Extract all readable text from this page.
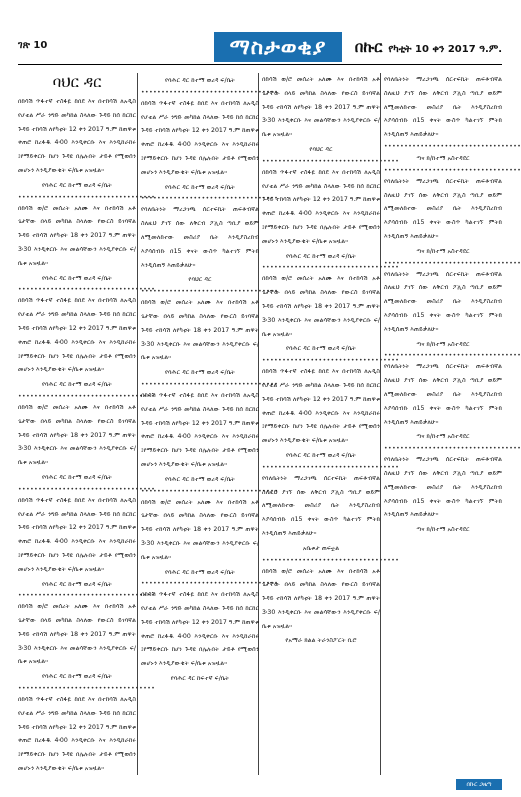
ገጽ 10	ማስታወቂያ	በኩር የካቲት 10 ቀን 2017 ዓ.ም.
ባህር ዳር

በከሳሽ ጥፋተኛ ተስፋዬ ከበደ እና በተከሳሽ ለአዲስ የሆቴል ሥራ ንግድ መካከል ስላለው ጉዳይ ከሰ ከርከር ጉዳይ ተከሳሽ ለየካቲት 12 ቀን 2017 ዓ.ም ከጠዋቱ ቀጠሮ ከረፋዱ 4፡00 እንዲቀርቡ እና እንዲከራከሩ ፤የማይቀርቡ ከሆነ ጉዳዩ በሌሉበት ታይቶ የሚወሰን መሆኑን እንዲያውቁት ፍ/ቤቱ አዝዟል፡፡

የባሕር ዳር ከተማ ወረዳ ፍ/ቤት

••••••••••••••••••••••••••••••••••

በከሳሽ ወ/ሮ መሰረት አለሙ እና በተከሳሽ አቶ ጌታቸው በላይ መካከል ስላለው የውርስ ይገባኛል ጉዳይ ተከሳሽ ለየካቲት 18 ቀን 2017 ዓ.ም ጠዋት 3፡30 እንዲቀርቡ እና መልሳቸውን እንዲያቀርቡ ፍ/ቤቱ አዝዟል፡፡

የባሕር ዳር ከተማ ወረዳ ፍ/ቤት

••••••••••••••••••••••••••••••••••

በከሳሽ ጥፋተኛ ተስፋዬ ከበደ እና በተከሳሽ ለአዲስ የሆቴል ሥራ ንግድ መካከል ስላለው ጉዳይ ከሰ ከርከር ጉዳይ ተከሳሽ ለየካቲት 12 ቀን 2017 ዓ.ም ከጠዋቱ ቀጠሮ ከረፋዱ 4፡00 እንዲቀርቡ እና እንዲከራከሩ ፤የማይቀርቡ ከሆነ ጉዳዩ በሌሉበት ታይቶ የሚወሰን መሆኑን እንዲያውቁት ፍ/ቤቱ አዝዟል፡፡

የባሕር ዳር ከተማ ወረዳ ፍ/ቤት

••••••••••••••••••••••••••••••••••

በከሳሽ ወ/ሮ መሰረት አለሙ እና በተከሳሽ አቶ ጌታቸው በላይ መካከል ስላለው የውርስ ይገባኛል ጉዳይ ተከሳሽ ለየካቲት 18 ቀን 2017 ዓ.ም ጠዋት 3፡30 እንዲቀርቡ እና መልሳቸውን እንዲያቀርቡ ፍ/ቤቱ አዝዟል፡፡

የባሕር ዳር ከተማ ወረዳ ፍ/ቤት

••••••••••••••••••••••••••••••••••

በከሳሽ ጥፋተኛ ተስፋዬ ከበደ እና በተከሳሽ ለአዲስ የሆቴል ሥራ ንግድ መካከል ስላለው ጉዳይ ከሰ ከርከር ጉዳይ ተከሳሽ ለየካቲት 12 ቀን 2017 ዓ.ም ከጠዋቱ ቀጠሮ ከረፋዱ 4፡00 እንዲቀርቡ እና እንዲከራከሩ ፤የማይቀርቡ ከሆነ ጉዳዩ በሌሉበት ታይቶ የሚወሰን መሆኑን እንዲያውቁት ፍ/ቤቱ አዝዟል፡፡

የባሕር ዳር ከተማ ወረዳ ፍ/ቤት

••••••••••••••••••••••••••••••••••

በከሳሽ ወ/ሮ መሰረት አለሙ እና በተከሳሽ አቶ ጌታቸው በላይ መካከል ስላለው የውርስ ይገባኛል ጉዳይ ተከሳሽ ለየካቲት 18 ቀን 2017 ዓ.ም ጠዋት 3፡30 እንዲቀርቡ እና መልሳቸውን እንዲያቀርቡ ፍ/ቤቱ አዝዟል፡፡

የባሕር ዳር ከተማ ወረዳ ፍ/ቤት

••••••••••••••••••••••••••••••••••

በከሳሽ ጥፋተኛ ተስፋዬ ከበደ እና በተከሳሽ ለአዲስ የሆቴል ሥራ ንግድ መካከል ስላለው ጉዳይ ከሰ ከርከር ጉዳይ ተከሳሽ ለየካቲት 12 ቀን 2017 ዓ.ም ከጠዋቱ ቀጠሮ ከረፋዱ 4፡00 እንዲቀርቡ እና እንዲከራከሩ ፤የማይቀርቡ ከሆነ ጉዳዩ በሌሉበት ታይቶ የሚወሰን መሆኑን እንዲያውቁት ፍ/ቤቱ አዝዟል፡፡

የባሕር ዳር ከተማ ወረዳ ፍ/ቤት

••••••••••••••••••••••••••••••••••

በከሳሽ ጥፋተኛ ተስፋዬ ከበደ እና በተከሳሽ ለአዲስ የሆቴል ሥራ ንግድ መካከል ስላለው ጉዳይ ከሰ ከርከር ጉዳይ ተከሳሽ ለየካቲት 12 ቀን 2017 ዓ.ም ከጠዋቱ ቀጠሮ ከረፋዱ 4፡00 እንዲቀርቡ እና እንዲከራከሩ ፤የማይቀርቡ ከሆነ ጉዳዩ በሌሉበት ታይቶ የሚወሰን መሆኑን እንዲያውቁት ፍ/ቤቱ አዝዟል፡፡

የባሕር ዳር ከተማ ወረዳ ፍ/ቤት

••••••••••••••••••••••••••••••••••

የባለቤትነት ማረጋገጫ ሰርተፍኬት ጠፍቶብኛል ስለዚህ ያገኘ ሰው ለቅርብ ፖሊስ ጣቢያ ወይም ለሚመለከተው መስሪያ ቤት እንዲያስረክብ እያሳሰብኩ በ15 ቀናት ውስጥ ካልተገኘ ምትክ እንዲሰጠኝ እጠይቃለሁ፡፡

የባህር ዳር

••••••••••••••••••••••••••••••••••

በከሳሽ ወ/ሮ መሰረት አለሙ እና በተከሳሽ አቶ ጌታቸው በላይ መካከል ስላለው የውርስ ይገባኛል ጉዳይ ተከሳሽ ለየካቲት 18 ቀን 2017 ዓ.ም ጠዋት 3፡30 እንዲቀርቡ እና መልሳቸውን እንዲያቀርቡ ፍ/ቤቱ አዝዟል፡፡

የባሕር ዳር ከተማ ወረዳ ፍ/ቤት

••••••••••••••••••••••••••••••••••

በከሳሽ ጥፋተኛ ተስፋዬ ከበደ እና በተከሳሽ ለአዲስ የሆቴል ሥራ ንግድ መካከል ስላለው ጉዳይ ከሰ ከርከር ጉዳይ ተከሳሽ ለየካቲት 12 ቀን 2017 ዓ.ም ከጠዋቱ ቀጠሮ ከረፋዱ 4፡00 እንዲቀርቡ እና እንዲከራከሩ ፤የማይቀርቡ ከሆነ ጉዳዩ በሌሉበት ታይቶ የሚወሰን መሆኑን እንዲያውቁት ፍ/ቤቱ አዝዟል፡፡

የባሕር ዳር ከተማ ወረዳ ፍ/ቤት

••••••••••••••••••••••••••••••••••

በከሳሽ ወ/ሮ መሰረት አለሙ እና በተከሳሽ አቶ ጌታቸው በላይ መካከል ስላለው የውርስ ይገባኛል ጉዳይ ተከሳሽ ለየካቲት 18 ቀን 2017 ዓ.ም ጠዋት 3፡30 እንዲቀርቡ እና መልሳቸውን እንዲያቀርቡ ፍ/ቤቱ አዝዟል፡፡

የባሕር ዳር ከተማ ወረዳ ፍ/ቤት

••••••••••••••••••••••••••••••••••

በከሳሽ ጥፋተኛ ተስፋዬ ከበደ እና በተከሳሽ ለአዲስ የሆቴል ሥራ ንግድ መካከል ስላለው ጉዳይ ከሰ ከርከር ጉዳይ ተከሳሽ ለየካቲት 12 ቀን 2017 ዓ.ም ከጠዋቱ ቀጠሮ ከረፋዱ 4፡00 እንዲቀርቡ እና እንዲከራከሩ ፤የማይቀርቡ ከሆነ ጉዳዩ በሌሉበት ታይቶ የሚወሰን መሆኑን እንዲያውቁት ፍ/ቤቱ አዝዟል፡፡

የባሕር ዳር ከፍተኛ ፍ/ቤት

በከሳሽ ወ/ሮ መሰረት አለሙ እና በተከሳሽ አቶ ጌታቸው በላይ መካከል ስላለው የውርስ ይገባኛል ጉዳይ ተከሳሽ ለየካቲት 18 ቀን 2017 ዓ.ም ጠዋት 3፡30 እንዲቀርቡ እና መልሳቸውን እንዲያቀርቡ ፍ/ቤቱ አዝዟል፡፡

የባህር ዳር

••••••••••••••••••••••••••••••••••

በከሳሽ ጥፋተኛ ተስፋዬ ከበደ እና በተከሳሽ ለአዲስ የሆቴል ሥራ ንግድ መካከል ስላለው ጉዳይ ከሰ ከርከር ጉዳይ ተከሳሽ ለየካቲት 12 ቀን 2017 ዓ.ም ከጠዋቱ ቀጠሮ ከረፋዱ 4፡00 እንዲቀርቡ እና እንዲከራከሩ ፤የማይቀርቡ ከሆነ ጉዳዩ በሌሉበት ታይቶ የሚወሰን መሆኑን እንዲያውቁት ፍ/ቤቱ አዝዟል፡፡

የባሕር ዳር ከተማ ወረዳ ፍ/ቤት

••••••••••••••••••••••••••••••••••

በከሳሽ ወ/ሮ መሰረት አለሙ እና በተከሳሽ አቶ ጌታቸው በላይ መካከል ስላለው የውርስ ይገባኛል ጉዳይ ተከሳሽ ለየካቲት 18 ቀን 2017 ዓ.ም ጠዋት 3፡30 እንዲቀርቡ እና መልሳቸውን እንዲያቀርቡ ፍ/ቤቱ አዝዟል፡፡

የባሕር ዳር ከተማ ወረዳ ፍ/ቤት

••••••••••••••••••••••••••••••••••

በከሳሽ ጥፋተኛ ተስፋዬ ከበደ እና በተከሳሽ ለአዲስ የሆቴል ሥራ ንግድ መካከል ስላለው ጉዳይ ከሰ ከርከር ጉዳይ ተከሳሽ ለየካቲት 12 ቀን 2017 ዓ.ም ከጠዋቱ ቀጠሮ ከረፋዱ 4፡00 እንዲቀርቡ እና እንዲከራከሩ ፤የማይቀርቡ ከሆነ ጉዳዩ በሌሉበት ታይቶ የሚወሰን መሆኑን እንዲያውቁት ፍ/ቤቱ አዝዟል፡፡

የባሕር ዳር ከተማ ወረዳ ፍ/ቤት

••••••••••••••••••••••••••••••••••

የባለቤትነት ማረጋገጫ ሰርተፍኬት ጠፍቶብኛል ስለዚህ ያገኘ ሰው ለቅርብ ፖሊስ ጣቢያ ወይም ለሚመለከተው መስሪያ ቤት እንዲያስረክብ እያሳሰብኩ በ15 ቀናት ውስጥ ካልተገኘ ምትክ እንዲሰጠኝ እጠይቃለሁ፡፡

አቤቱታ ጠፍቷል

••••••••••••••••••••••••••••••••••

በከሳሽ ወ/ሮ መሰረት አለሙ እና በተከሳሽ አቶ ጌታቸው በላይ መካከል ስላለው የውርስ ይገባኛል ጉዳይ ተከሳሽ ለየካቲት 18 ቀን 2017 ዓ.ም ጠዋት 3፡30 እንዲቀርቡ እና መልሳቸውን እንዲያቀርቡ ፍ/ቤቱ አዝዟል፡፡

የአማራ ክልል ትራንስፖርት ቢሮ

የባለቤትነት ማረጋገጫ ሰርተፍኬት ጠፍቶብኛል ስለዚህ ያገኘ ሰው ለቅርብ ፖሊስ ጣቢያ ወይም ለሚመለከተው መስሪያ ቤት እንዲያስረክብ እያሳሰብኩ በ15 ቀናት ውስጥ ካልተገኘ ምትክ እንዲሰጠኝ እጠይቃለሁ፡፡

••••••••••••••••••••••••••••••••••

ጣና ክ/ከተማ አስተዳደር

••••••••••••••••••••••••••••••••••

የባለቤትነት ማረጋገጫ ሰርተፍኬት ጠፍቶብኛል ስለዚህ ያገኘ ሰው ለቅርብ ፖሊስ ጣቢያ ወይም ለሚመለከተው መስሪያ ቤት እንዲያስረክብ እያሳሰብኩ በ15 ቀናት ውስጥ ካልተገኘ ምትክ እንዲሰጠኝ እጠይቃለሁ፡፡

ጣና ክ/ከተማ አስተዳደር

••••••••••••••••••••••••••••••••••

የባለቤትነት ማረጋገጫ ሰርተፍኬት ጠፍቶብኛል ስለዚህ ያገኘ ሰው ለቅርብ ፖሊስ ጣቢያ ወይም ለሚመለከተው መስሪያ ቤት እንዲያስረክብ እያሳሰብኩ በ15 ቀናት ውስጥ ካልተገኘ ምትክ እንዲሰጠኝ እጠይቃለሁ፡፡

ጣና ክ/ከተማ አስተዳደር

••••••••••••••••••••••••••••••••••

የባለቤትነት ማረጋገጫ ሰርተፍኬት ጠፍቶብኛል ስለዚህ ያገኘ ሰው ለቅርብ ፖሊስ ጣቢያ ወይም ለሚመለከተው መስሪያ ቤት እንዲያስረክብ እያሳሰብኩ በ15 ቀናት ውስጥ ካልተገኘ ምትክ እንዲሰጠኝ እጠይቃለሁ፡፡

ጣና ክ/ከተማ አስተዳደር

••••••••••••••••••••••••••••••••••

የባለቤትነት ማረጋገጫ ሰርተፍኬት ጠፍቶብኛል ስለዚህ ያገኘ ሰው ለቅርብ ፖሊስ ጣቢያ ወይም ለሚመለከተው መስሪያ ቤት እንዲያስረክብ እያሳሰብኩ በ15 ቀናት ውስጥ ካልተገኘ ምትክ እንዲሰጠኝ እጠይቃለሁ፡፡

ጣና ክ/ከተማ አስተዳደር

በኩር ጋዜጣ
